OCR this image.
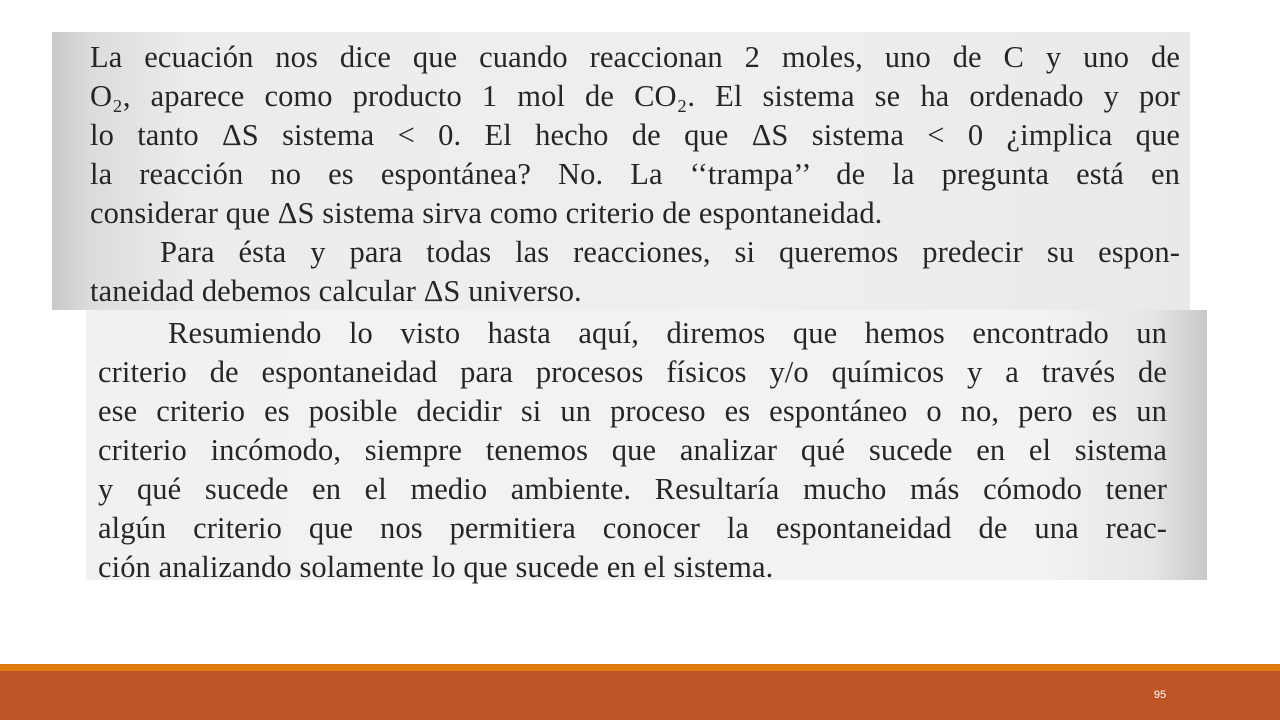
La ecuación nos dice que cuando reaccionan 2 moles, uno de C y uno de
O₂, aparece como producto 1 mol de CO₂. El sistema se ha ordenado y por
lo tanto ΔS sistema < 0. El hecho de que ΔS sistema < 0 ¿implica que
la reacción no es espontánea? No. La ‘‘trampa’’ de la pregunta está en
considerar que ΔS sistema sirva como criterio de espontaneidad.
Para ésta y para todas las reacciones, si queremos predecir su espon-
taneidad debemos calcular ΔS universo.
Resumiendo lo visto hasta aquí, diremos que hemos encontrado un
criterio de espontaneidad para procesos físicos y/o químicos y a través de
ese criterio es posible decidir si un proceso es espontáneo o no, pero es un
criterio incómodo, siempre tenemos que analizar qué sucede en el sistema
y qué sucede en el medio ambiente. Resultaría mucho más cómodo tener
algún criterio que nos permitiera conocer la espontaneidad de una reac-
ción analizando solamente lo que sucede en el sistema.
95
